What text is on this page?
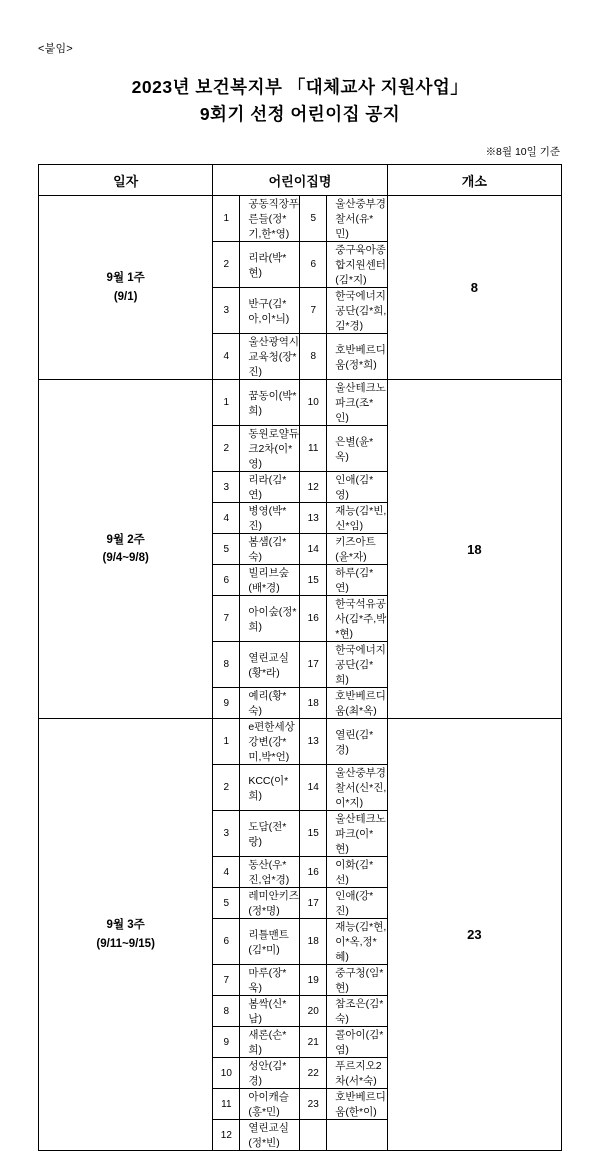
<붙임>
2023년 보건복지부 「대체교사 지원사업」
9회기 선정 어린이집 공지
※8월 10일 기준
일자	어린이집명	개소

9월 1주
(9/1)

1	공동직장푸른들(정*기,한*영)	5	울산중부경찰서(유*민)
2	리라(박*현)	6	중구육아종합지원센터(김*지)
3	반구(김*아,이*늬)	7	한국에너지공단(김*희,김*경)
4	울산광역시교육청(장*진)	8	호반베르디움(정*희)
	8

9월 2주
(9/4~9/8)

1	꿈동이(박*희)	10	울산테크노파크(조*인)
2	동원로얄듀크2차(이*영)	11	은별(윤*옥)
3	리라(김*연)	12	인애(김*영)
4	병영(박*진)	13	재능(김*빈,신*임)
5	봄샘(김*숙)	14	키즈아트(윤*자)
6	빌리브숲(배*경)	15	하루(김*연)
7	아이숲(정*희)	16	한국석유공사(김*주,박*현)
8	열린교실(황*라)	17	한국에너지공단(김*희)
9	예리(황*숙)	18	호반베르디움(최*옥)
	18

9월 3주
(9/11~9/15)

1	e편한세상강변(강*미,박*언)	13	열린(김*경)
2	KCC(이*희)	14	울산중부경찰서(신*진,이*지)
3	도담(전*랑)	15	울산테크노파크(이*현)
4	동산(우*진,엄*경)	16	이화(김*선)
5	레미안키즈(정*명)	17	인애(강*진)
6	리틀맨트(김*미)	18	재능(김*현,이*옥,정*혜)
7	마루(장*욱)	19	중구청(임*현)
8	봄싹(신*남)	20	참조은(김*숙)
9	새론(손*희)	21	콜아이(김*염)
10	성안(김*경)	22	푸르지오2차(서*숙)
11	아이캐슬(홍*민)	23	호반베르디움(한*이)
12	열린교실(정*빈)		
	23
